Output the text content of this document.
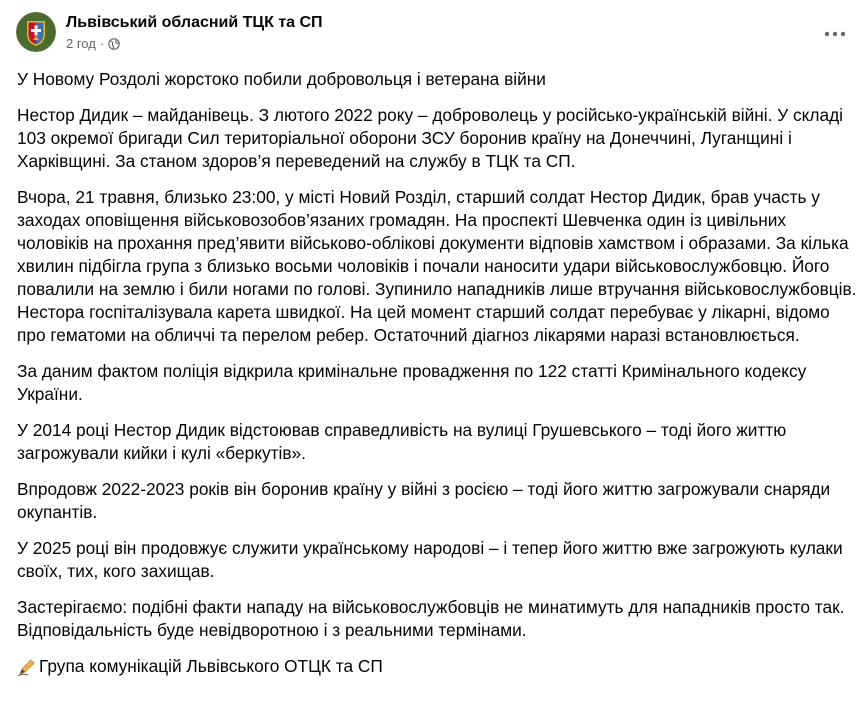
Львівський обласний ТЦК та СП
2 год ·

У Новому Роздолі жорстоко побили добровольця і ветерана війни

Нестор Дидик – майданівець. З лютого 2022 року – доброволець у російсько-українській війні. У складі 103 окремої бригади Сил територіальної оборони ЗСУ боронив країну на Донеччині, Луганщині і Харківщині. За станом здоров’я переведений на службу в ТЦК та СП.

Вчора, 21 травня, близько 23:00, у місті Новий Розділ, старший солдат Нестор Дидик, брав участь у заходах оповіщення військовозобов’язаних громадян. На проспекті Шевченка один із цивільних чоловіків на прохання пред’явити військово-облікові документи відповів хамством і образами. За кілька хвилин підбігла група з близько восьми чоловіків і почали наносити удари військовослужбовцю. Його повалили на землю і били ногами по голові. Зупинило нападників лише втручання військовослужбовців. Нестора госпіталізувала карета швидкої. На цей момент старший солдат перебуває у лікарні, відомо про гематоми на обличчі та перелом ребер. Остаточний діагноз лікарями наразі встановлюється.

За даним фактом поліція відкрила кримінальне провадження по 122 статті Кримінального кодексу України.

У 2014 році Нестор Дидик відстоював справедливість на вулиці Грушевського – тоді його життю загрожували кийки і кулі «беркутів».

Впродовж 2022-2023 років він боронив країну у війні з росією – тоді його життю загрожували снаряди окупантів.

У 2025 році він продовжує служити українському народові – і тепер його життю вже загрожують кулаки своїх, тих, кого захищав.

Застерігаємо: подібні факти нападу на військовослужбовців не минатимуть для нападників просто так. Відповідальність буде невідворотною і з реальними термінами.

Група комунікацій Львівського ОТЦК та СП
